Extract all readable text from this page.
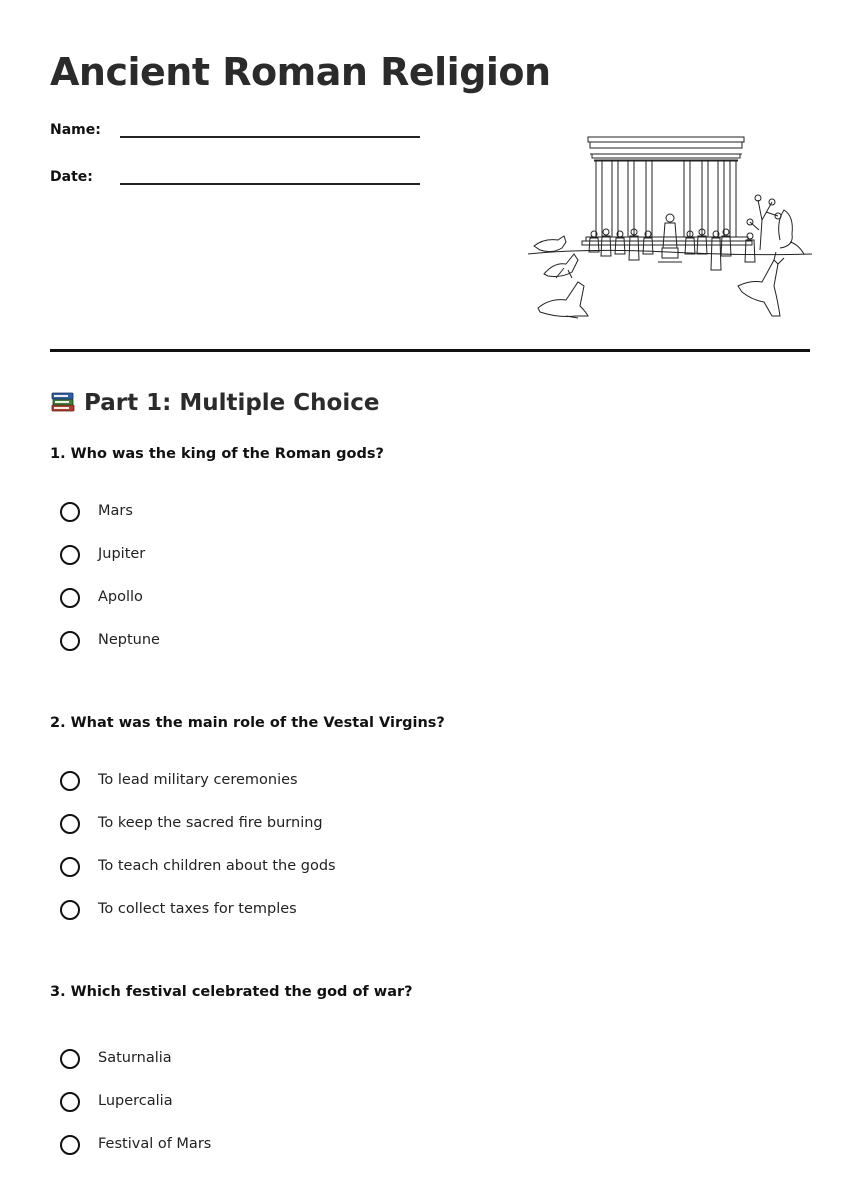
Ancient Roman Religion
Name:
Date:
Part 1: Multiple Choice

1. Who was the king of the Roman gods?

Mars
Jupiter
Apollo
Neptune

2. What was the main role of the Vestal Virgins?

To lead military ceremonies
To keep the sacred fire burning
To teach children about the gods
To collect taxes for temples

3. Which festival celebrated the god of war?

Saturnalia
Lupercalia
Festival of Mars
